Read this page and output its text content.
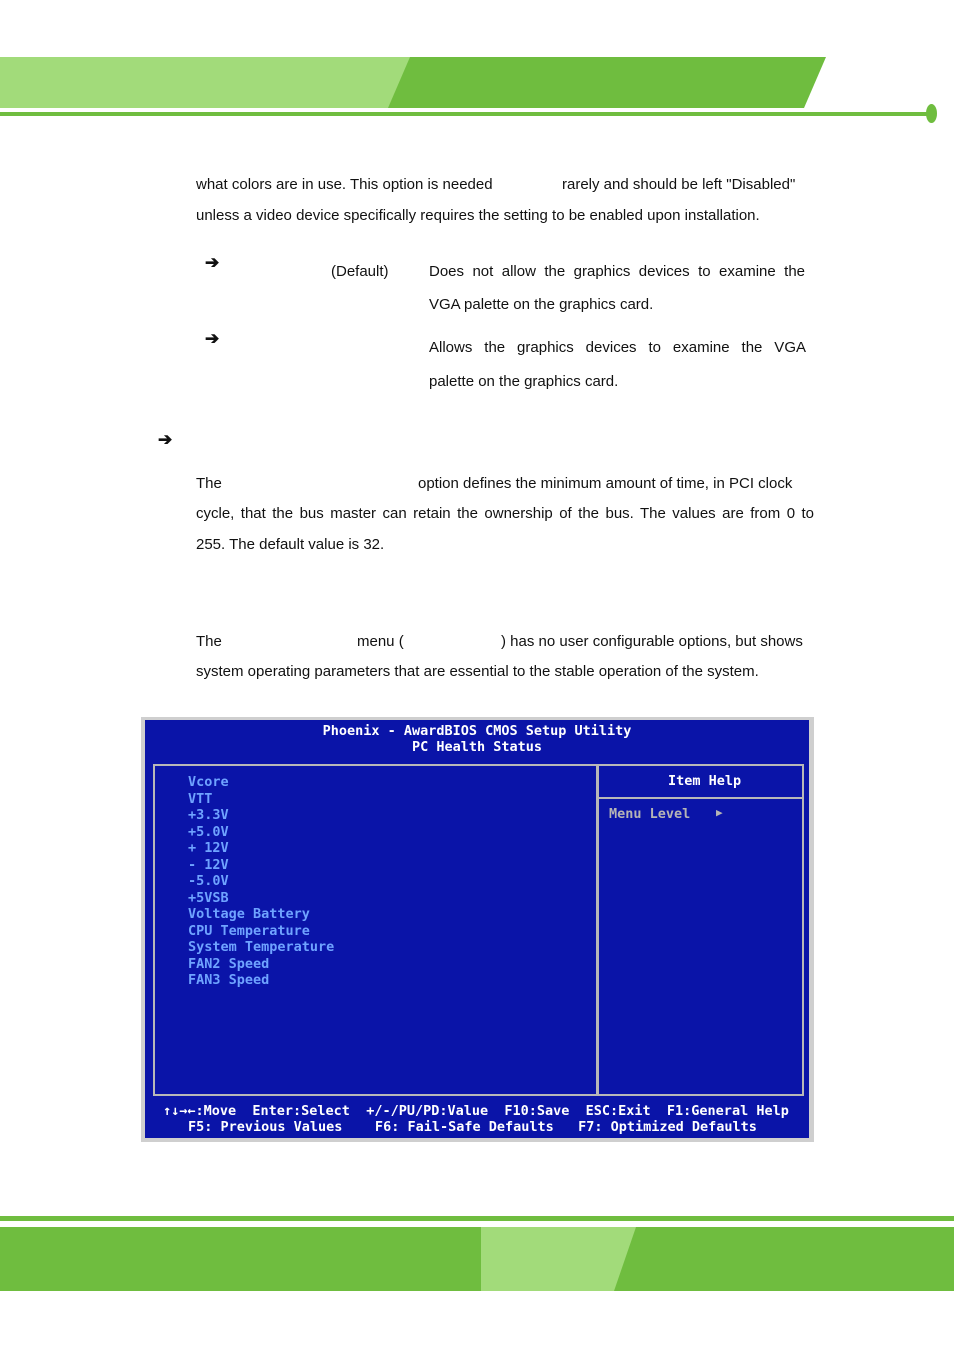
what colors are in use. This option is needed	rarely and should be left "Disabled"
unless a video device specifically requires the setting to be enabled upon installation.
➔	(Default)	Does not allow the graphics devices to examine the
VGA palette on the graphics card.
➔	Allows the graphics devices to examine the VGA
palette on the graphics card.
➔
The	option defines the minimum amount of time, in PCI clock
cycle, that the bus master can retain the ownership of the bus. The values are from 0 to
255. The default value is 32.
The	menu (	) has no user configurable options, but shows
system operating parameters that are essential to the stable operation of the system.
Phoenix - AwardBIOS CMOS Setup Utility
PC Health Status
Vcore
VTT
+3.3V
+5.0V
+ 12V
- 12V
-5.0V
+5VSB
Voltage Battery
CPU Temperature
System Temperature
FAN2 Speed
FAN3 Speed
Item Help
Menu Level ▶
↑↓→←:Move  Enter:Select  +/-/PU/PD:Value  F10:Save  ESC:Exit  F1:General Help
F5: Previous Values    F6: Fail-Safe Defaults   F7: Optimized Defaults
